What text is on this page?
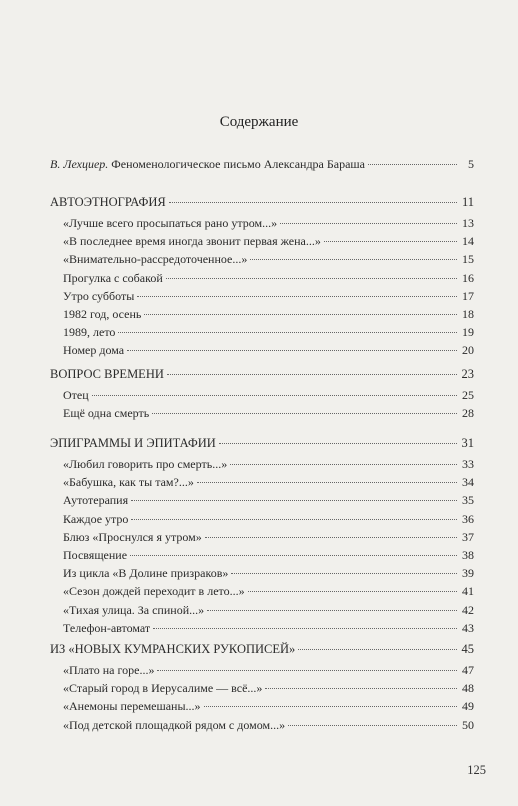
Содержание
В. Лехциер. Феноменологическое письмо Александра Бараша	5
АВТОЭТНОГРАФИЯ	11
«Лучше всего просыпаться рано утром...»	13
«В последнее время иногда звонит первая жена...»	14
«Внимательно-рассредоточенное...»	15
Прогулка с собакой	16
Утро субботы	17
1982 год, осень	18
1989, лето	19
Номер дома	20
ВОПРОС ВРЕМЕНИ	23
Отец	25
Ещё одна смерть	28
ЭПИГРАММЫ И ЭПИТАФИИ	31
«Любил говорить про смерть...»	33
«Бабушка, как ты там?...»	34
Аутотерапия	35
Каждое утро	36
Блюз «Проснулся я утром»	37
Посвящение	38
Из цикла «В Долине призраков»	39
«Сезон дождей переходит в лето...»	41
«Тихая улица. За спиной...»	42
Телефон-автомат	43
ИЗ «НОВЫХ КУМРАНСКИХ РУКОПИСЕЙ»	45
«Плато на горе...»	47
«Старый город в Иерусалиме — всё...»	48
«Анемоны перемешаны...»	49
«Под детской площадкой рядом с домом...»	50
125
